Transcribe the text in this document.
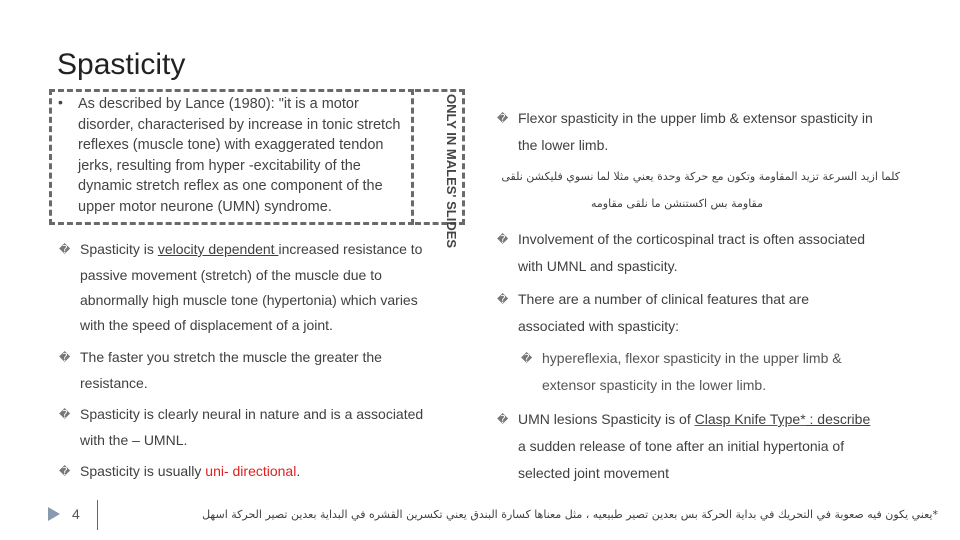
Spasticity
• As described by Lance (1980): "it is a motor disorder, characterised by increase in tonic stretch reflexes (muscle tone) with exaggerated tendon jerks, resulting from hyper -excitability of the dynamic stretch reflex as one component of the upper motor neurone (UMN) syndrome.	ONLY IN MALES' SLIDES
� Spasticity is velocity dependent increased resistance to
passive movement (stretch) of the muscle due to
abnormally high muscle tone (hypertonia) which varies
with the speed of displacement of a joint.
� The faster you stretch the muscle the greater the
resistance.
� Spasticity is clearly neural in nature and is a associated
with the – UMNL.
� Spasticity is usually uni- directional.
� Flexor spasticity in the upper limb & extensor spasticity in
the lower limb.
كلما ازيد السرعة تزيد المقاومة وتكون مع حركة وحدة يعني مثلا لما نسوي فليكشن نلقى
مقاومة بس اكستنشن ما نلقى مقاومه
� Involvement of the corticospinal tract is often associated
with UMNL and spasticity.
� There are a number of clinical features that are
associated with spasticity:
� hypereflexia, flexor spasticity in the upper limb &
extensor spasticity in the lower limb.
� UMN lesions Spasticity is of Clasp Knife Type* : describe
a sudden release of tone after an initial hypertonia of
selected joint movement
4	*يعني يكون فيه صعوبة في التحريك في بداية الحركة بس بعدين تصير طبيعيه ، مثل معناها كسارة البندق يعني تكسرين القشره في البداية بعدين تصير الحركة اسهل
